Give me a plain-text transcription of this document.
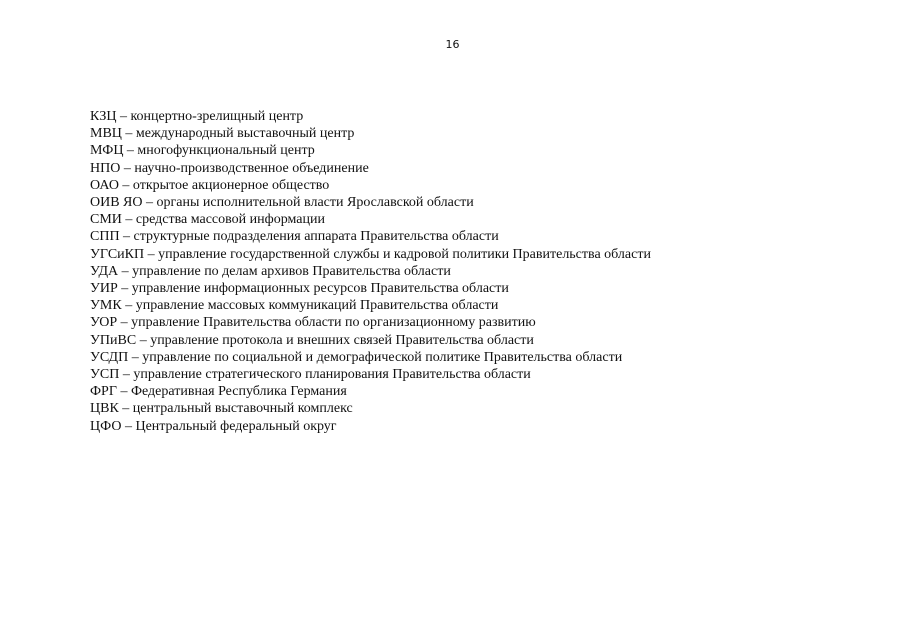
16
КЗЦ – концертно-зрелищный центр
МВЦ – международный выставочный центр
МФЦ – многофункциональный центр
НПО – научно-производственное объединение
ОАО – открытое акционерное общество
ОИВ ЯО – органы исполнительной власти Ярославской области
СМИ – средства массовой информации
СПП – структурные подразделения аппарата Правительства области
УГСиКП – управление государственной службы и кадровой политики Правительства области
УДА – управление по делам архивов Правительства области
УИР – управление информационных ресурсов Правительства области
УМК – управление массовых коммуникаций Правительства области
УОР – управление Правительства области по организационному развитию
УПиВС – управление протокола и внешних связей Правительства области
УСДП – управление по социальной и демографической политике Правительства области
УСП – управление стратегического планирования Правительства области
ФРГ – Федеративная Республика Германия
ЦВК – центральный выставочный комплекс
ЦФО – Центральный федеральный округ
